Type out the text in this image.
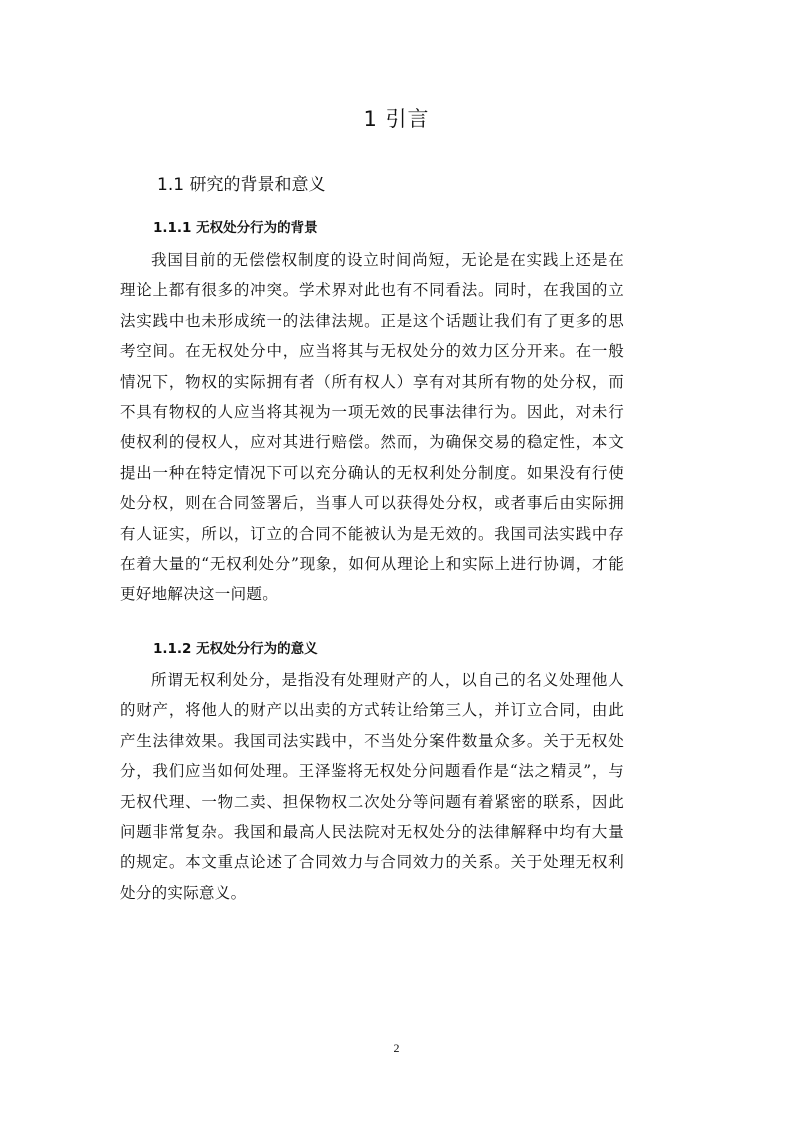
1 引言
1.1 研究的背景和意义
1.1.1 无权处分行为的背景

我国目前的无偿偿权制度的设立时间尚短，无论是在实践上还是在理论上都有很多的冲突。学术界对此也有不同看法。同时，在我国的立法实践中也未形成统一的法律法规。正是这个话题让我们有了更多的思考空间。在无权处分中，应当将其与无权处分的效力区分开来。在一般情况下，物权的实际拥有者（所有权人）享有对其所有物的处分权，而不具有物权的人应当将其视为一项无效的民事法律行为。因此，对未行使权利的侵权人，应对其进行赔偿。然而，为确保交易的稳定性，本文提出一种在特定情况下可以充分确认的无权利处分制度。如果没有行使处分权，则在合同签署后，当事人可以获得处分权，或者事后由实际拥有人证实，所以，订立的合同不能被认为是无效的。我国司法实践中存在着大量的“无权利处分”现象，如何从理论上和实际上进行协调，才能更好地解决这一问题。

1.1.2 无权处分行为的意义

所谓无权利处分，是指没有处理财产的人，以自己的名义处理他人的财产，将他人的财产以出卖的方式转让给第三人，并订立合同，由此产生法律效果。我国司法实践中，不当处分案件数量众多。关于无权处分，我们应当如何处理。王泽鉴将无权处分问题看作是“法之精灵”，与无权代理、一物二卖、担保物权二次处分等问题有着紧密的联系，因此问题非常复杂。我国和最高人民法院对无权处分的法律解释中均有大量的规定。本文重点论述了合同效力与合同效力的关系。关于处理无权利处分的实际意义。

2
